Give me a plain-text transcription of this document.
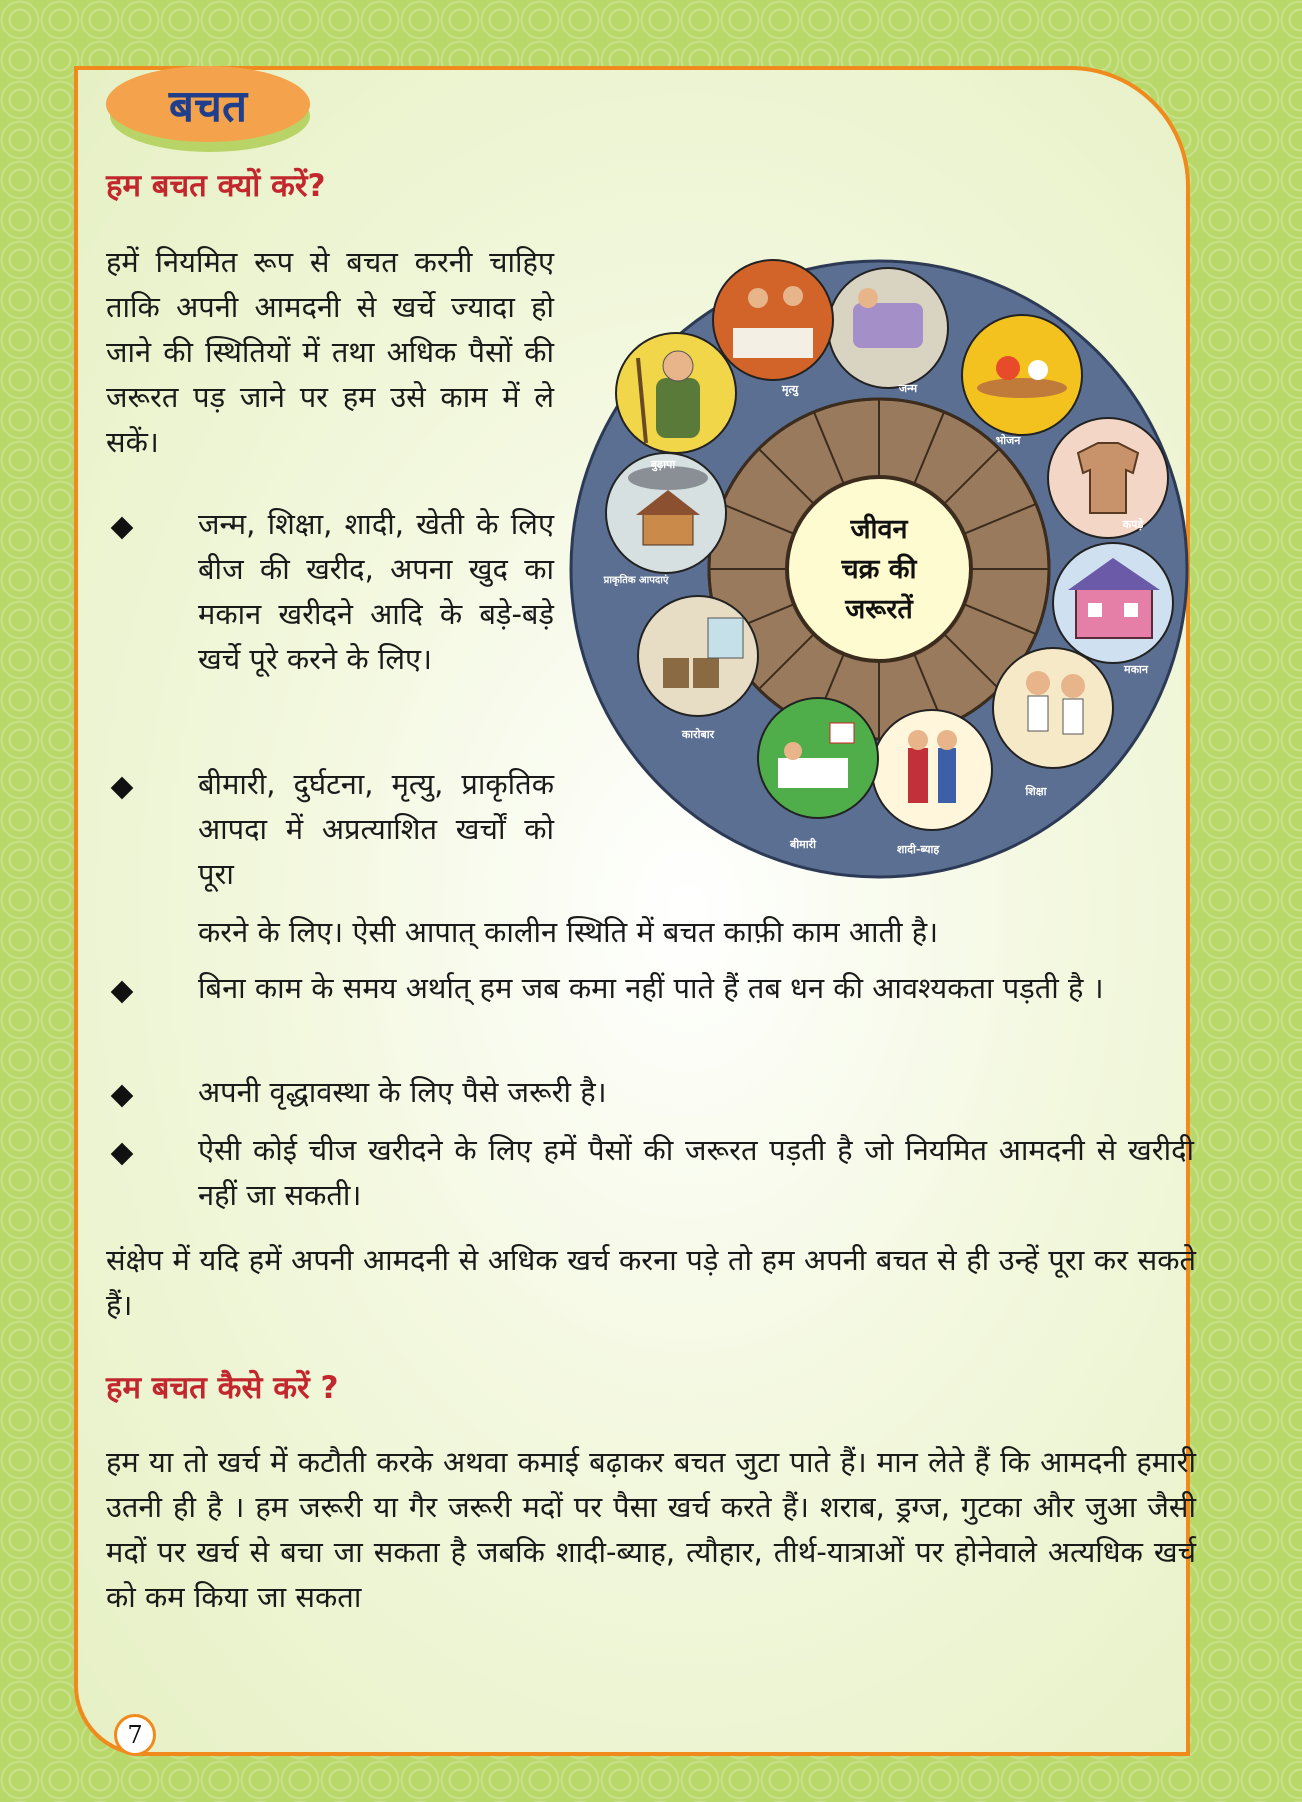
बचत
हम बचत क्यों करें?

हमें नियमित रूप से बचत करनी चाहिए ताकि अपनी आमदनी से खर्चे ज्यादा हो जाने की स्थितियों में तथा अधिक पैसों की जरूरत पड़ जाने पर हम उसे काम में ले सकें।

जन्म, शिक्षा, शादी, खेती के लिए बीज की खरीद, अपना खुद का मकान खरीदने आदि के बड़े-बड़े खर्चे पूरे करने के लिए।

बीमारी, दुर्घटना, मृत्यु, प्राकृतिक आपदा में अप्रत्याशित खर्चों को पूरा

करने के लिए। ऐसी आपात् कालीन स्थिति में बचत काफ़ी काम आती है।

बिना काम के समय अर्थात् हम जब कमा नहीं पाते हैं तब धन की आवश्यकता पड़ती है ।

अपनी वृद्धावस्था के लिए पैसे जरूरी है।

ऐसी कोई चीज खरीदने के लिए हमें पैसों की जरूरत पड़ती है जो नियमित आमदनी से खरीदी नहीं जा सकती।

संक्षेप में यदि हमें अपनी आमदनी से अधिक खर्च करना पड़े तो हम अपनी बचत से ही उन्हें पूरा कर सकते हैं।

हम बचत कैसे करें ?

हम या तो खर्च में कटौती करके अथवा कमाई बढ़ाकर बचत जुटा पाते हैं। मान लेते हैं कि आमदनी हमारी उतनी ही है । हम जरूरी या गैर जरूरी मदों पर पैसा खर्च करते हैं। शराब, ड्रग्ज, गुटका और जुआ जैसी मदों पर खर्च से बचा जा सकता है जबकि शादी-ब्याह, त्यौहार, तीर्थ-यात्राओं पर होनेवाले अत्यधिक खर्च को कम किया जा सकता

जीवन
चक्र की
जरूरतें
जन्म
भोजन
कपड़े
मकान
शिक्षा
शादी-ब्याह
बीमारी
कारोबार
प्राकृतिक आपदाएं
बुढ़ापा
मृत्यु
7
